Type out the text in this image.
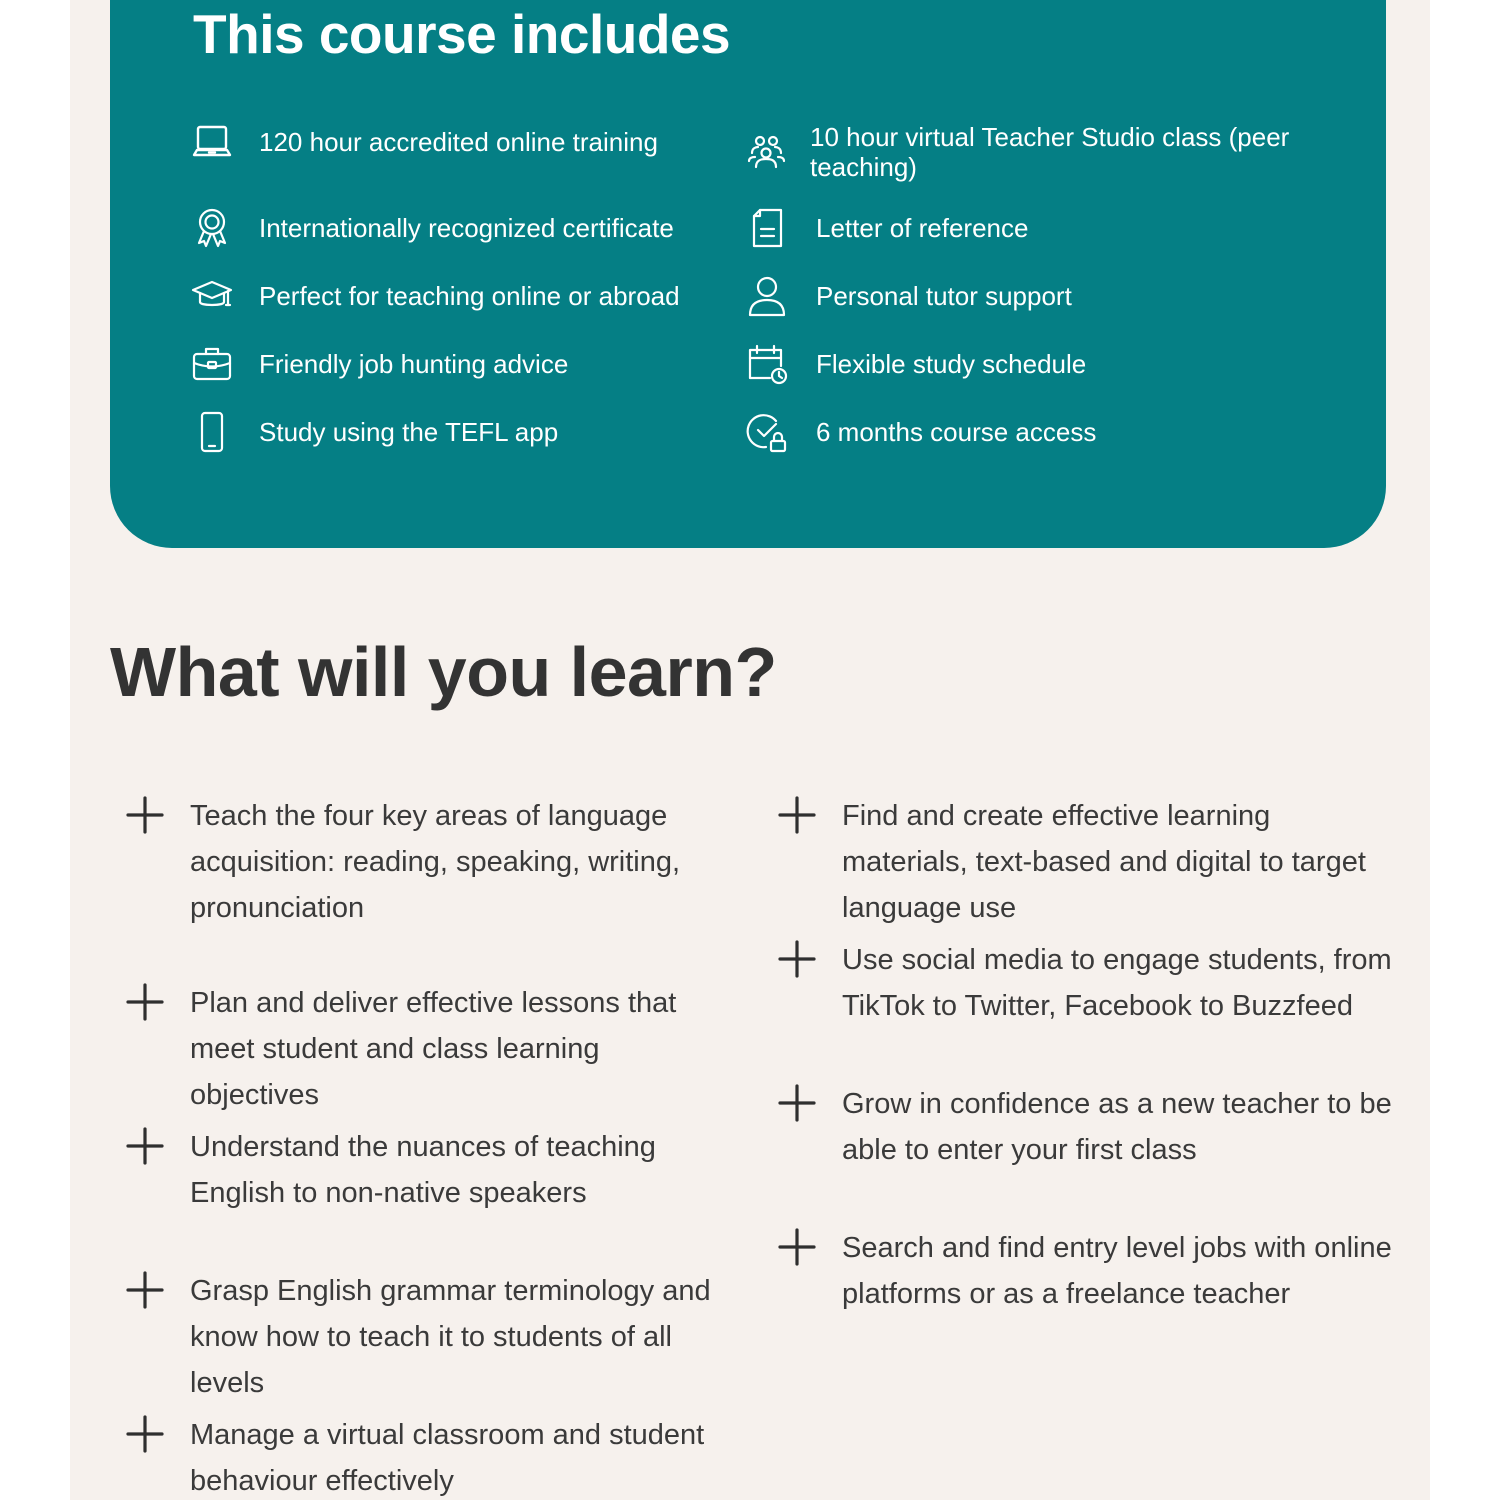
This course includes
120 hour accredited online training
Internationally recognized certificate
Perfect for teaching online or abroad
Friendly job hunting advice
Study using the TEFL app
10 hour virtual Teacher Studio class (peer teaching)
Letter of reference
Personal tutor support
Flexible study schedule
6 months course access
What will you learn?
Teach the four key areas of language acquisition: reading, speaking, writing, pronunciation
Plan and deliver effective lessons that meet student and class learning objectives
Understand the nuances of teaching English to non-native speakers
Grasp English grammar terminology and know how to teach it to students of all levels
Manage a virtual classroom and student behaviour effectively
Find and create effective learning materials, text-based and digital to target language use
Use social media to engage students, from TikTok to Twitter, Facebook to Buzzfeed
Grow in confidence as a new teacher to be able to enter your first class
Search and find entry level jobs with online platforms or as a freelance teacher
